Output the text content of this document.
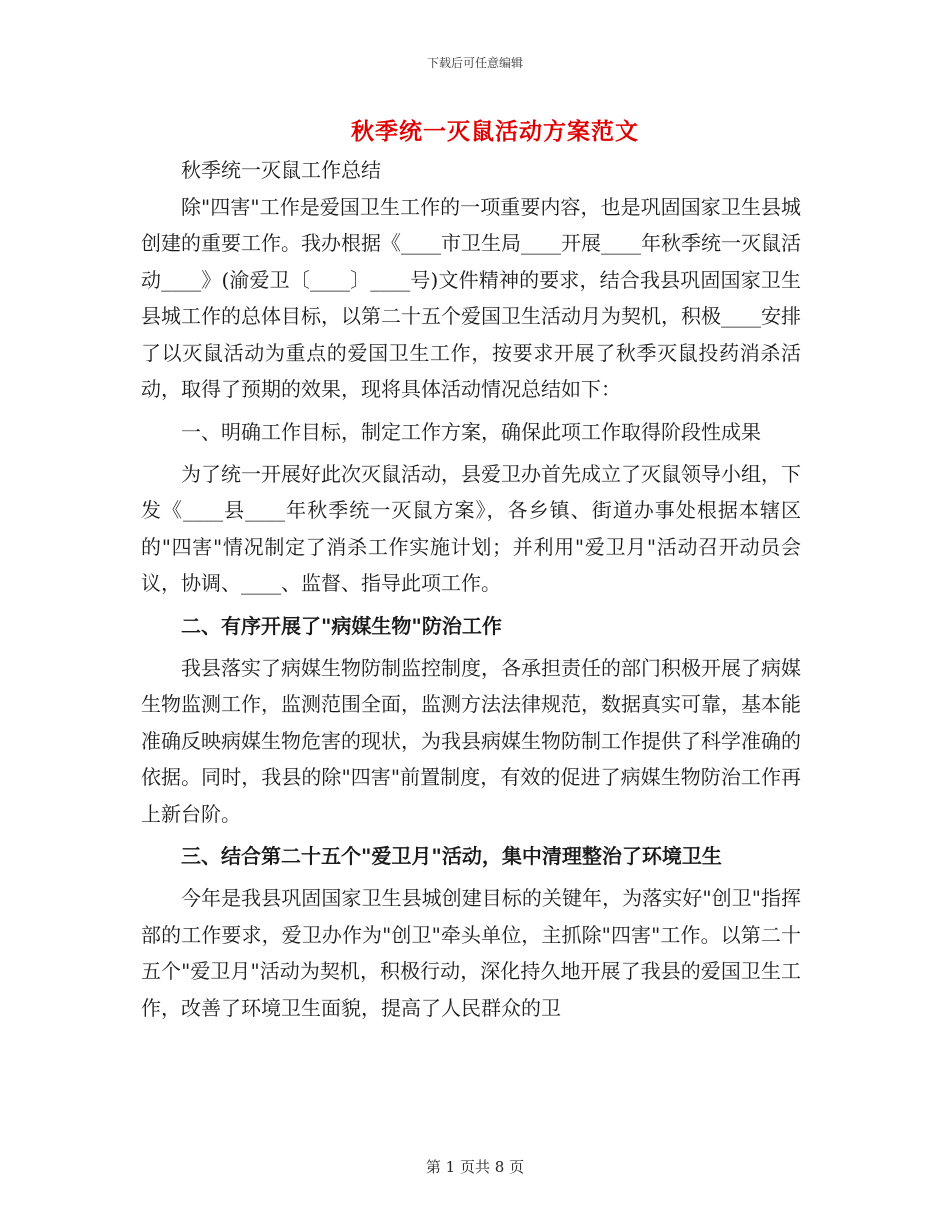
下载后可任意编辑
秋季统一灭鼠活动方案范文

秋季统一灭鼠工作总结

除"四害"工作是爱国卫生工作的一项重要内容，也是巩固国家卫生县城创建的重要工作。我办根据《____市卫生局____开展____年秋季统一灭鼠活动____》(渝爱卫〔____〕____号)文件精神的要求，结合我县巩固国家卫生县城工作的总体目标，以第二十五个爱国卫生活动月为契机，积极____安排了以灭鼠活动为重点的爱国卫生工作，按要求开展了秋季灭鼠投药消杀活动，取得了预期的效果，现将具体活动情况总结如下：

一、明确工作目标，制定工作方案，确保此项工作取得阶段性成果

为了统一开展好此次灭鼠活动，县爱卫办首先成立了灭鼠领导小组，下发《____县____年秋季统一灭鼠方案》，各乡镇、街道办事处根据本辖区的"四害"情况制定了消杀工作实施计划；并利用"爱卫月"活动召开动员会议，协调、____、监督、指导此项工作。

二、有序开展了"病媒生物"防治工作

我县落实了病媒生物防制监控制度，各承担责任的部门积极开展了病媒生物监测工作，监测范围全面，监测方法法律规范，数据真实可靠，基本能准确反映病媒生物危害的现状，为我县病媒生物防制工作提供了科学准确的依据。同时，我县的除"四害"前置制度，有效的促进了病媒生物防治工作再上新台阶。

三、结合第二十五个"爱卫月"活动，集中清理整治了环境卫生

今年是我县巩固国家卫生县城创建目标的关键年，为落实好"创卫"指挥部的工作要求，爱卫办作为"创卫"牵头单位，主抓除"四害"工作。以第二十五个"爱卫月"活动为契机，积极行动，深化持久地开展了我县的爱国卫生工作，改善了环境卫生面貌，提高了人民群众的卫

第 1 页共 8 页
